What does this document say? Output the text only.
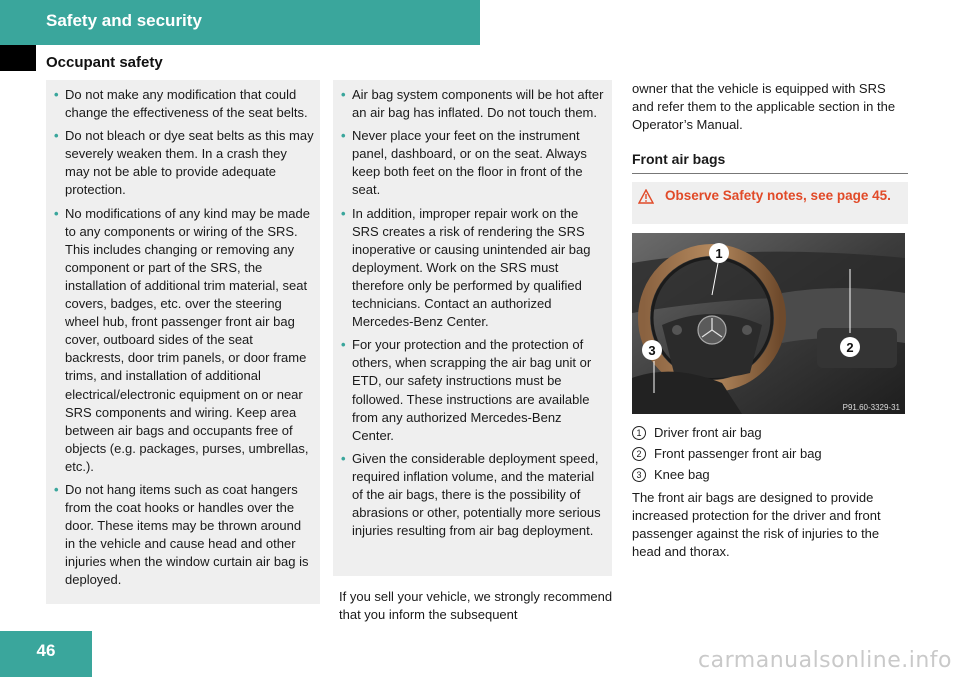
Safety and security
Occupant safety
• Do not make any modification that could change the effectiveness of the seat belts.
• Do not bleach or dye seat belts as this may severely weaken them. In a crash they may not be able to provide adequate protection.
• No modifications of any kind may be made to any components or wiring of the SRS. This includes changing or removing any component or part of the SRS, the installation of additional trim material, seat covers, badges, etc. over the steering wheel hub, front passenger front air bag cover, outboard sides of the seat backrests, door trim panels, or door frame trims, and installation of additional electrical/electronic equipment on or near SRS components and wiring. Keep area between air bags and occupants free of objects (e.g. packages, purses, umbrellas, etc.).
• Do not hang items such as coat hangers from the coat hooks or handles over the door. These items may be thrown around in the vehicle and cause head and other injuries when the window curtain air bag is deployed.
• Air bag system components will be hot after an air bag has inflated. Do not touch them.
• Never place your feet on the instrument panel, dashboard, or on the seat. Always keep both feet on the floor in front of the seat.
• In addition, improper repair work on the SRS creates a risk of rendering the SRS inoperative or causing unintended air bag deployment. Work on the SRS must therefore only be performed by qualified technicians. Contact an authorized Mercedes-Benz Center.
• For your protection and the protection of others, when scrapping the air bag unit or ETD, our safety instructions must be followed. These instructions are available from any authorized Mercedes-Benz Center.
• Given the considerable deployment speed, required inflation volume, and the material of the air bags, there is the possibility of abrasions or other, potentially more serious injuries resulting from air bag deployment.
If you sell your vehicle, we strongly recommend that you inform the subsequent

owner that the vehicle is equipped with SRS and refer them to the applicable section in the Operator’s Manual.

Front air bags
Observe Safety notes, see page 45.
1
2
3
P91.60-3329-31
1 Driver front air bag
2 Front passenger front air bag
3 Knee bag

The front air bags are designed to provide increased protection for the driver and front passenger against the risk of injuries to the head and thorax.

46	carmanualsonline.info
